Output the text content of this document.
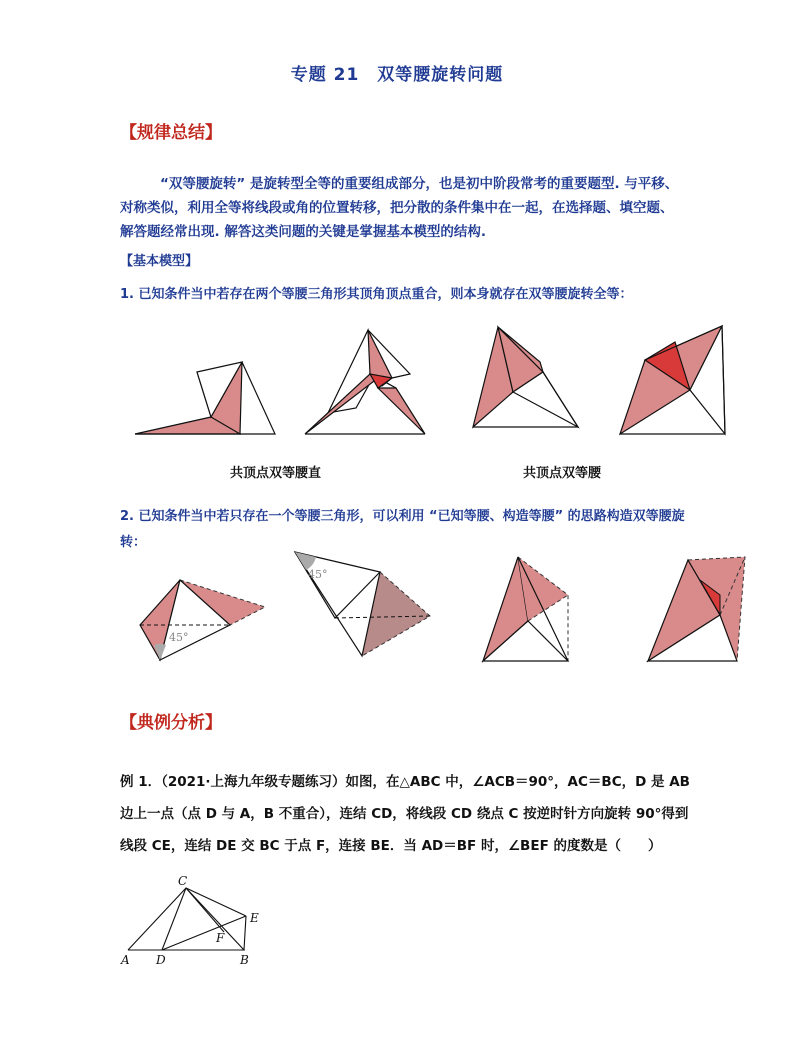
专题 21　双等腰旋转问题
【规律总结】
“双等腰旋转” 是旋转型全等的重要组成部分，也是初中阶段常考的重要题型. 与平移、对称类似，利用全等将线段或角的位置转移，把分散的条件集中在一起，在选择题、填空题、解答题经常出现. 解答这类问题的关键是掌握基本模型的结构.
【基本模型】
1. 已知条件当中若存在两个等腰三角形其顶角顶点重合，则本身就存在双等腰旋转全等：
共顶点双等腰直	共顶点双等腰
2. 已知条件当中若只存在一个等腰三角形，可以利用 “已知等腰、构造等腰” 的思路构造双等腰旋转：
45°
45°
【典例分析】
例 1．（2021·上海九年级专题练习）如图，在△ABC 中，∠ACB＝90°，AC＝BC，D 是 AB 边上一点（点 D 与 A，B 不重合），连结 CD，将线段 CD 绕点 C 按逆时针方向旋转 90°得到线段 CE，连结 DE 交 BC 于点 F，连接 BE．当 AD＝BF 时，∠BEF 的度数是（　　）
C
E
F
A D	B
